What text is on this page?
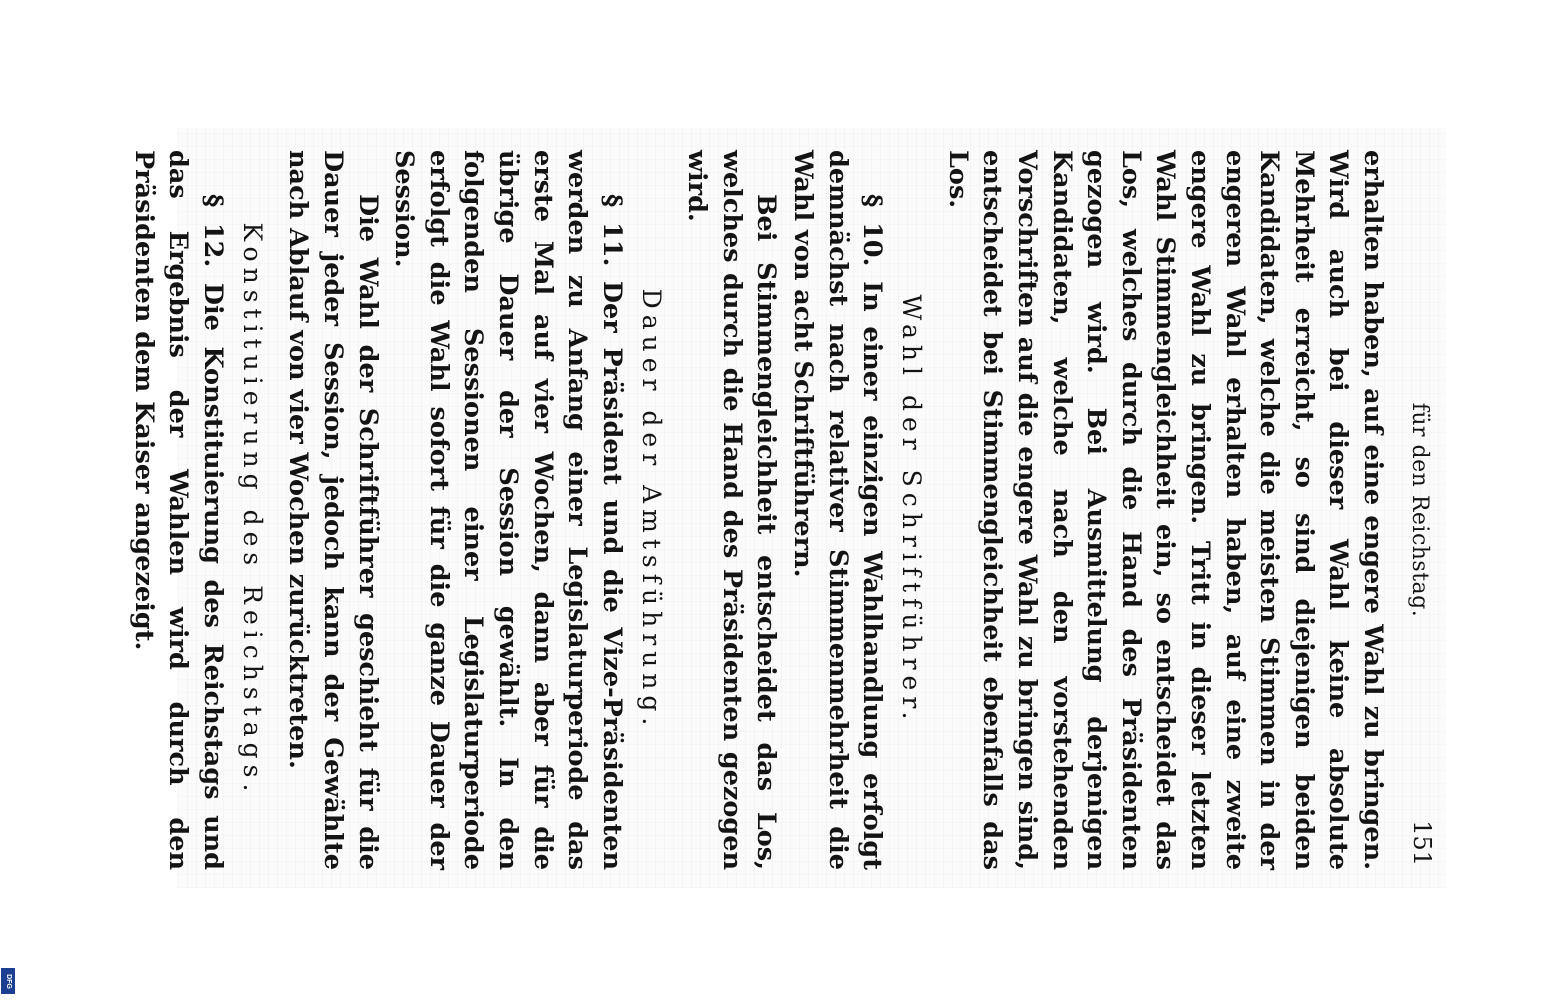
für den Reichstag.
151

erhalten haben, auf eine engere Wahl zu bringen. Wird auch bei dieser Wahl keine absolute Mehrheit erreicht, so sind diejenigen beiden Kandidaten, welche die meisten Stimmen in der engeren Wahl erhalten haben, auf eine zweite engere Wahl zu bringen. Tritt in dieser letzten Wahl Stimmengleichheit ein, so entscheidet das Los, welches durch die Hand des Präsidenten gezogen wird. Bei Ausmittelung derjenigen Kandidaten, welche nach den vorstehenden Vorschriften auf die engere Wahl zu bringen sind, entscheidet bei Stimmengleichheit ebenfalls das Los.

Wahl der Schriftführer.

§ 10. In einer einzigen Wahlhandlung erfolgt demnächst nach relativer Stimmenmehrheit die Wahl von acht Schriftführern.

Bei Stimmengleichheit entscheidet das Los, welches durch die Hand des Präsidenten gezogen wird.

Dauer der Amtsführung.

§ 11. Der Präsident und die Vize-Präsidenten werden zu Anfang einer Legislaturperiode das erste Mal auf vier Wochen, dann aber für die übrige Dauer der Session gewählt. In den folgenden Sessionen einer Legislaturperiode erfolgt die Wahl sofort für die ganze Dauer der Session.

Die Wahl der Schriftführer geschieht für die Dauer jeder Session, jedoch kann der Gewählte nach Ablauf von vier Wochen zurücktreten.

Konstituierung des Reichstags.

§ 12. Die Konstituierung des Reichstags und das Ergebnis der Wahlen wird durch den Präsidenten dem Kaiser angezeigt.

DFG
